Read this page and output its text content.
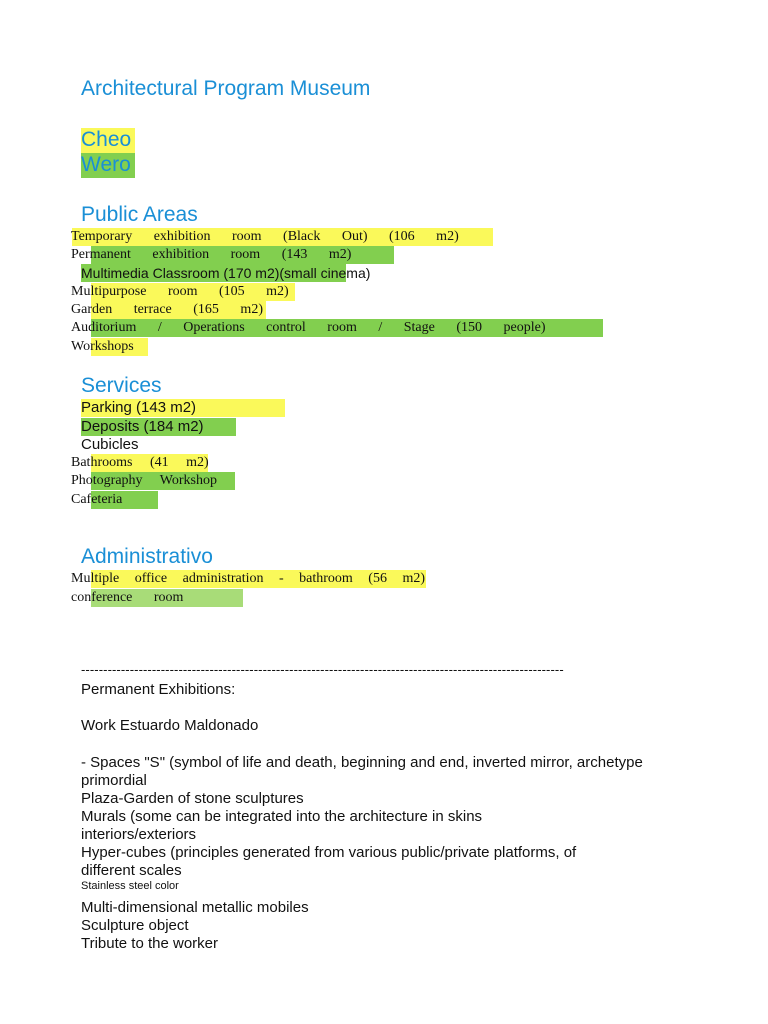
Architectural Program Museum
Cheo
Wero
Public Areas
Temporary exhibition room (Black Out) (106 m2)
Permanent exhibition room (143 m2)
Multimedia Classroom (170 m2)(small cinema)
Multipurpose room (105 m2)
Garden terrace (165 m2)
Auditorium / Operations control room / Stage (150 people)
Workshops
Services
Parking (143 m2)
Deposits (184 m2)
Cubicles
Bathrooms (41 m2)
Photography Workshop
Cafeteria
Administrativo
Multiple office administration - bathroom (56 m2)
conference room
-------------------------------------------------------------------------------------------------------------
Permanent Exhibitions:
Work Estuardo Maldonado
- Spaces "S" (symbol of life and death, beginning and end, inverted mirror, archetype
primordial
Plaza-Garden of stone sculptures
Murals (some can be integrated into the architecture in skins
interiors/exteriors
Hyper-cubes (principles generated from various public/private platforms, of
different scales
Stainless steel color
Multi-dimensional metallic mobiles
Sculpture object
Tribute to the worker
